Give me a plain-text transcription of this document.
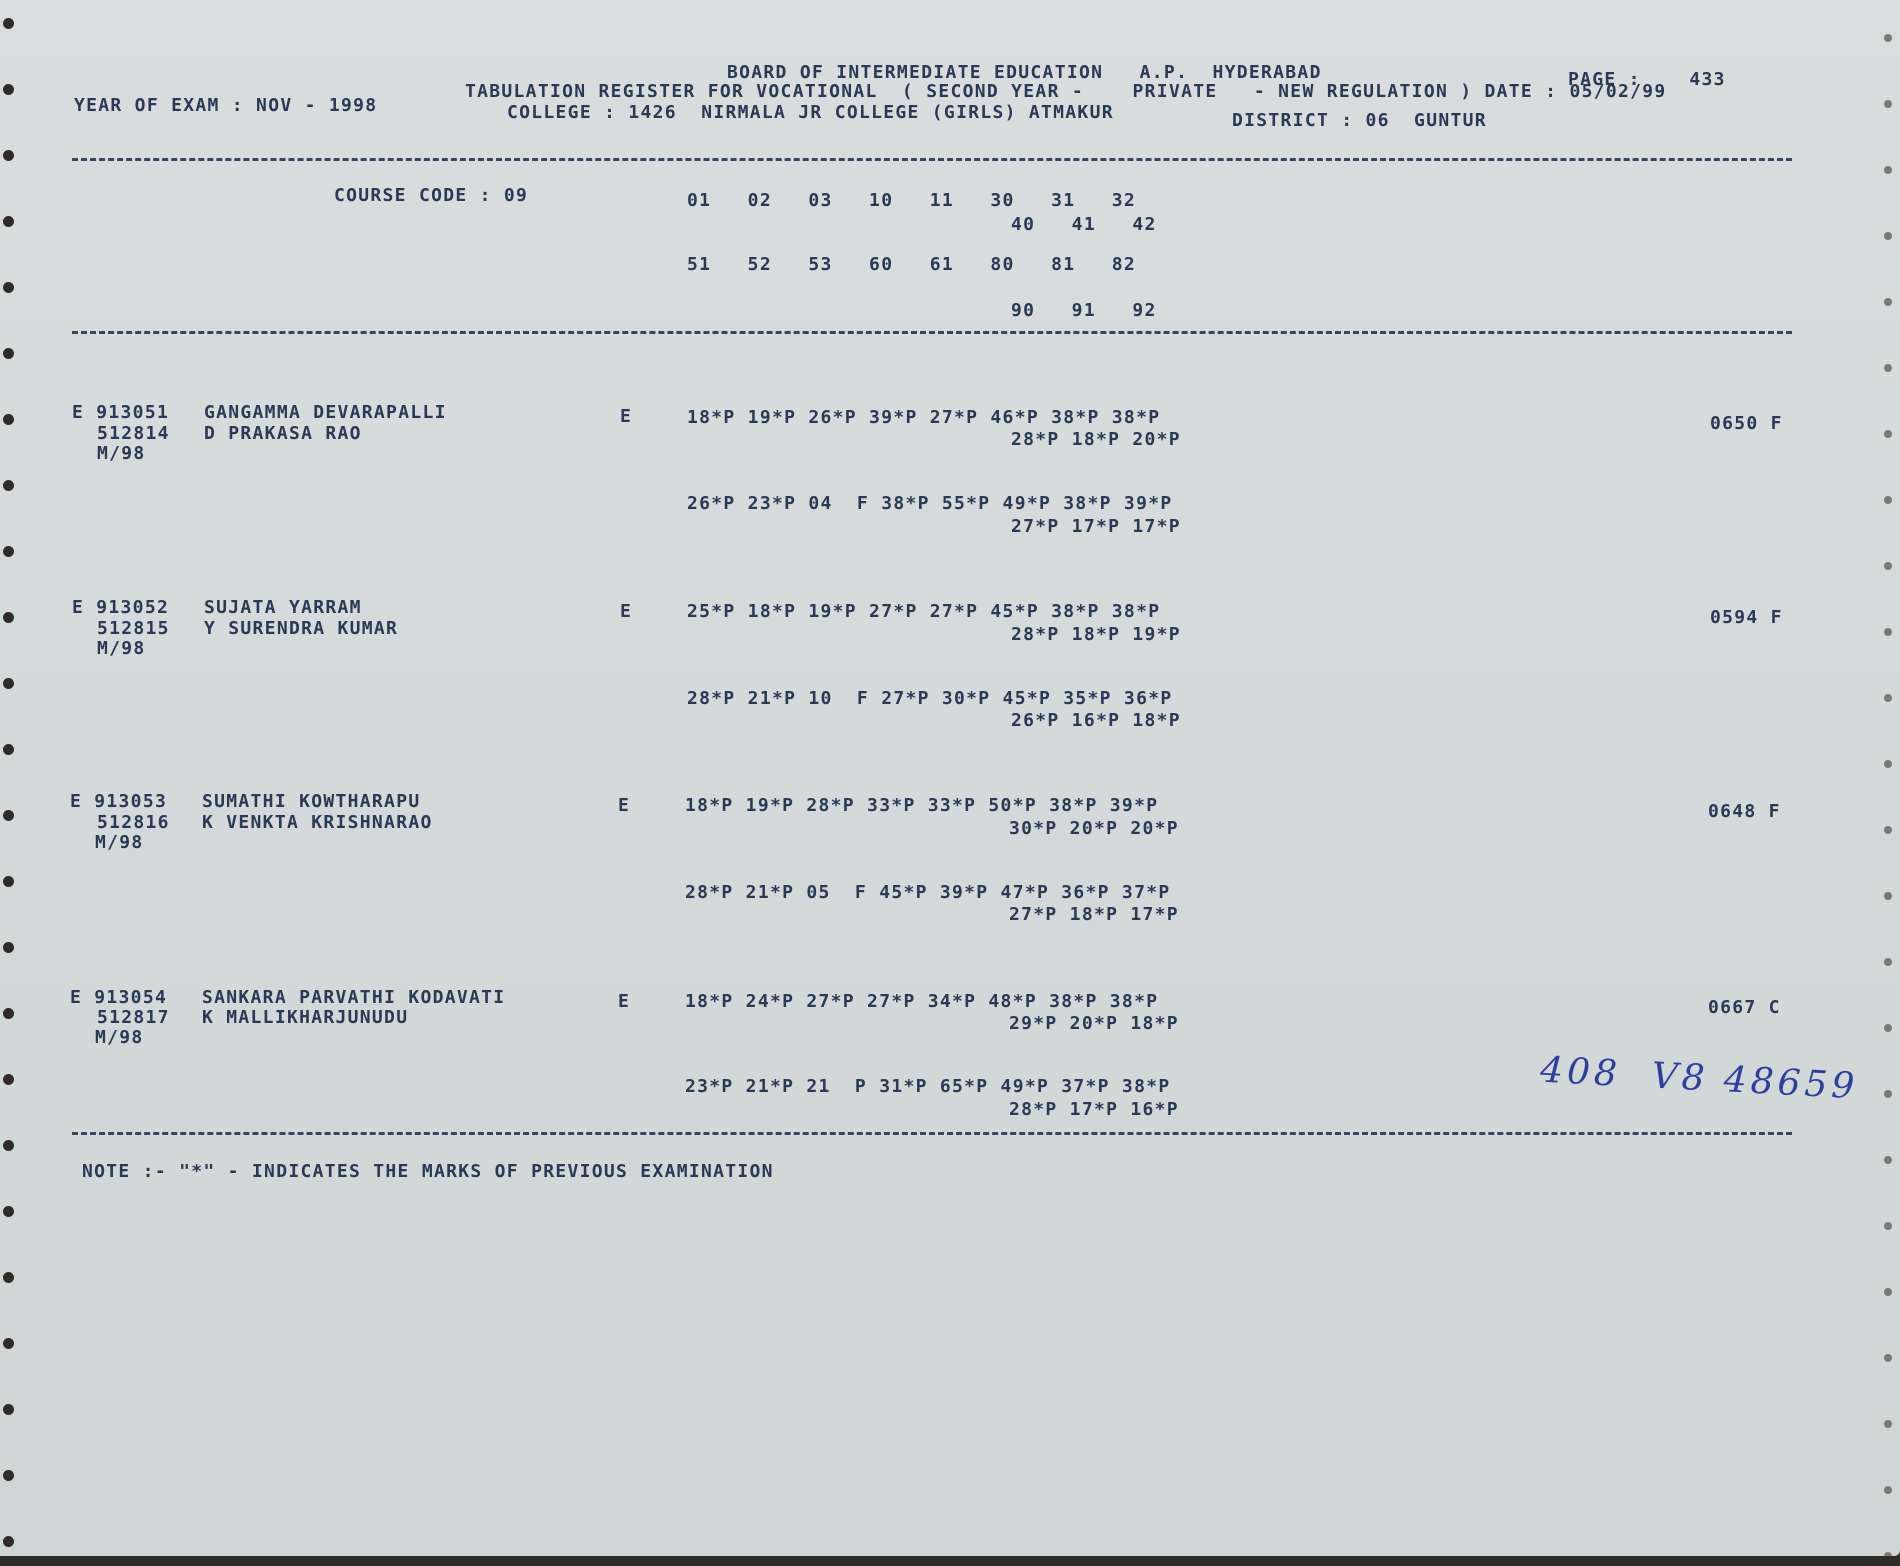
BOARD OF INTERMEDIATE EDUCATION   A.P.  HYDERABAD	PAGE :    433
YEAR OF EXAM : NOV - 1998
TABULATION REGISTER FOR VOCATIONAL  ( SECOND YEAR -    PRIVATE   - NEW REGULATION ) DATE : 05/02/99
COLLEGE : 1426  NIRMALA JR COLLEGE (GIRLS) ATMAKUR	DISTRICT : 06  GUNTUR
COURSE CODE : 09	01   02   03   10   11   30   31   32
40   41   42
51   52   53   60   61   80   81   82
90   91   92
E 913051 GANGAMMA DEVARAPALLI
512814 D PRAKASA RAO
M/98
E	18*P 19*P 26*P 39*P 27*P 46*P 38*P 38*P
28*P 18*P 20*P
26*P 23*P 04  F 38*P 55*P 49*P 38*P 39*P
27*P 17*P 17*P
0650 F
E 913052 SUJATA YARRAM
512815 Y SURENDRA KUMAR
M/98
E	25*P 18*P 19*P 27*P 27*P 45*P 38*P 38*P
28*P 18*P 19*P
28*P 21*P 10  F 27*P 30*P 45*P 35*P 36*P
26*P 16*P 18*P
0594 F
E 913053 SUMATHI KOWTHARAPU
512816 K VENKTA KRISHNARAO
M/98
E	18*P 19*P 28*P 33*P 33*P 50*P 38*P 39*P
30*P 20*P 20*P
28*P 21*P 05  F 45*P 39*P 47*P 36*P 37*P
27*P 18*P 17*P
0648 F
E 913054 SANKARA PARVATHI KODAVATI
512817 K MALLIKHARJUNUDU
M/98
E	18*P 24*P 27*P 27*P 34*P 48*P 38*P 38*P
29*P 20*P 18*P
23*P 21*P 21  P 31*P 65*P 49*P 37*P 38*P
28*P 17*P 16*P
0667 C
408  V8 48659
NOTE :- "*" - INDICATES THE MARKS OF PREVIOUS EXAMINATION
